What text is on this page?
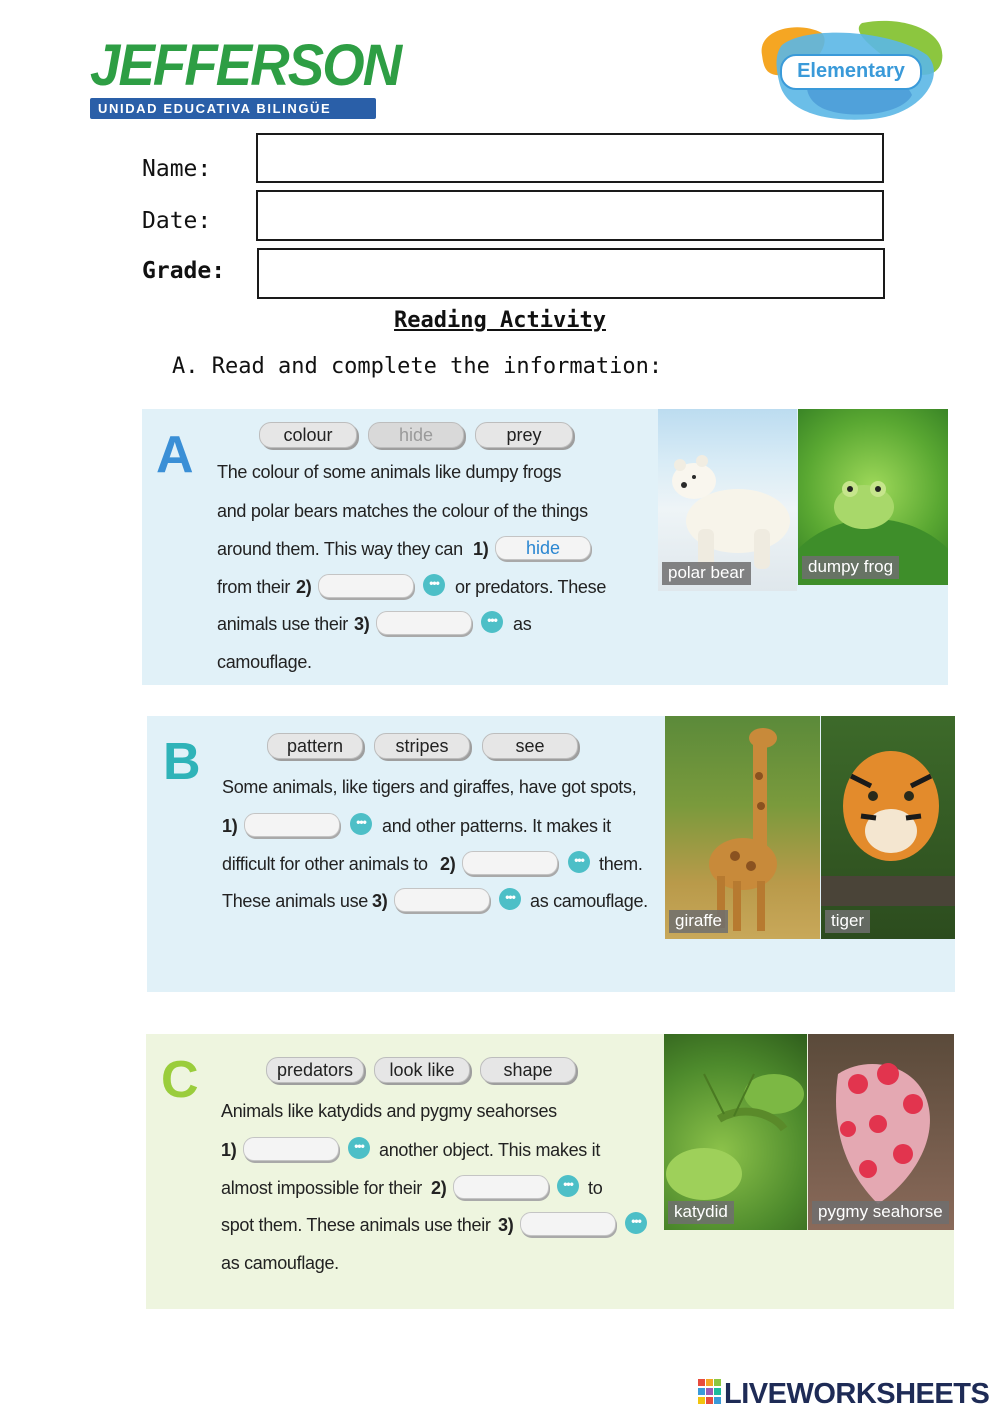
JEFFERSON
UNIDAD EDUCATIVA BILINGÜE
Elementary
Name:
Date:
Grade:
Reading Activity
A. Read and complete the information:
A	colour	hide	prey
The colour of some animals like dumpy frogs
and polar bears matches the colour of the things
around them. This way they can 1)	hide
from their 2)	••• or predators. These
animals use their 3)	••• as
camouflage.
polar bear	dumpy frog
B	pattern	stripes	see
Some animals, like tigers and giraffes, have got spots,
1)	••• and other patterns. It makes it
difficult for other animals to 2)	••• them.
These animals use 3)	••• as camouflage.
giraffe	tiger
C	predators	look like	shape
Animals like katydids and pygmy seahorses
1)	••• another object. This makes it
almost impossible for their 2)	••• to
spot them. These animals use their 3)	•••
as camouflage.
katydid	pygmy seahorse
LIVEWORKSHEETS
